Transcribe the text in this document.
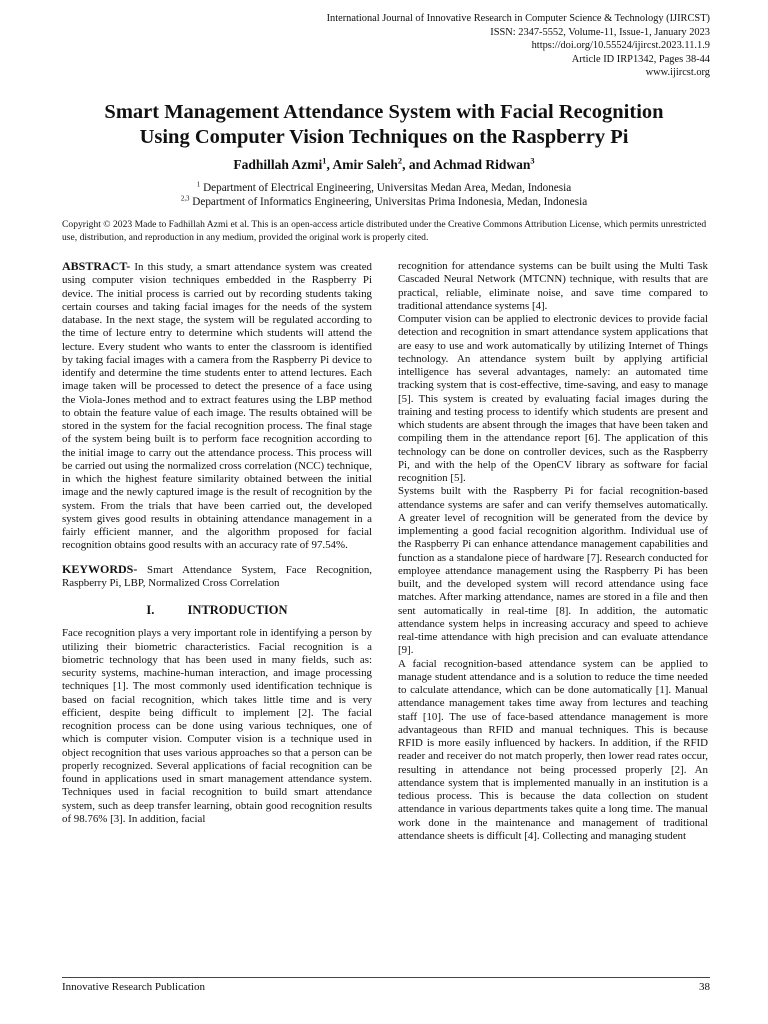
International Journal of Innovative Research in Computer Science & Technology (IJIRCST)
ISSN: 2347-5552, Volume-11, Issue-1, January 2023
https://doi.org/10.55524/ijircst.2023.11.1.9
Article ID IRP1342, Pages 38-44
www.ijircst.org
Smart Management Attendance System with Facial Recognition
Using Computer Vision Techniques on the Raspberry Pi
Fadhillah Azmi$^1$, Amir Saleh$^2$, and Achmad Ridwan$^3$
$^1$ Department of Electrical Engineering, Universitas Medan Area, Medan, Indonesia
$^{2,3}$ Department of Informatics Engineering, Universitas Prima Indonesia, Medan, Indonesia
Copyright © 2023 Made to Fadhillah Azmi et al. This is an open-access article distributed under the Creative Commons Attribution License, which permits unrestricted use, distribution, and reproduction in any medium, provided the original work is properly cited.

ABSTRACT- In this study, a smart attendance system was created using computer vision techniques embedded in the Raspberry Pi device. The initial process is carried out by recording students taking certain courses and taking facial images for the needs of the system database. In the next stage, the system will be regulated according to the time of lecture entry to determine which students will attend the lecture. Every student who wants to enter the classroom is identified by taking facial images with a camera from the Raspberry Pi device to identify and determine the time students enter to attend lectures. Each image taken will be processed to detect the presence of a face using the Viola-Jones method and to extract features using the LBP method to obtain the feature value of each image. The results obtained will be stored in the system for the facial recognition process. The final stage of the system being built is to perform face recognition according to the initial image to carry out the attendance process. This process will be carried out using the normalized cross correlation (NCC) technique, in which the highest feature similarity obtained between the initial image and the newly captured image is the result of recognition by the system. From the trials that have been carried out, the developed system gives good results in obtaining attendance management in a fairly efficient manner, and the algorithm proposed for facial recognition obtains good results with an accuracy rate of 97.54%.

KEYWORDS- Smart Attendance System, Face Recognition, Raspberry Pi, LBP, Normalized Cross Correlation

I.	INTRODUCTION

Face recognition plays a very important role in identifying a person by utilizing their biometric characteristics. Facial recognition is a biometric technology that has been used in many fields, such as: security systems, machine-human interaction, and image processing techniques [1]. The most commonly used identification technique is based on facial recognition, which takes little time and is very efficient, despite being difficult to implement [2]. The facial recognition process can be done using various techniques, one of which is computer vision. Computer vision is a technique used in object recognition that uses various approaches so that a person can be properly recognized. Several applications of facial recognition can be found in applications used in smart management attendance system. Techniques used in facial recognition to build smart attendance system, such as deep transfer learning, obtain good recognition results of 98.76% [3]. In addition, facial

recognition for attendance systems can be built using the Multi Task Cascaded Neural Network (MTCNN) technique, with results that are practical, reliable, eliminate noise, and save time compared to traditional attendance systems [4].

Computer vision can be applied to electronic devices to provide facial detection and recognition in smart attendance system applications that are easy to use and work automatically by utilizing Internet of Things technology. An attendance system built by applying artificial intelligence has several advantages, namely: an automated time tracking system that is cost-effective, time-saving, and easy to manage [5]. This system is created by evaluating facial images during the training and testing process to identify which students are present and which students are absent through the images that have been taken and compiling them in the attendance report [6]. The application of this technology can be done on controller devices, such as the Raspberry Pi, and with the help of the OpenCV library as software for facial recognition [5].

Systems built with the Raspberry Pi for facial recognition-based attendance systems are safer and can verify themselves automatically. A greater level of recognition will be generated from the device by implementing a good facial recognition algorithm. Individual use of the Raspberry Pi can enhance attendance management capabilities and function as a standalone piece of hardware [7]. Research conducted for employee attendance management using the Raspberry Pi has been built, and the developed system will record attendance using face matches. After marking attendance, names are stored in a file and then sent automatically in real-time [8]. In addition, the automatic attendance system helps in increasing accuracy and speed to achieve real-time attendance with high precision and can evaluate attendance [9].

A facial recognition-based attendance system can be applied to manage student attendance and is a solution to reduce the time needed to calculate attendance, which can be done automatically [1]. Manual attendance management takes time away from lectures and teaching staff [10]. The use of face-based attendance management is more advantageous than RFID and manual techniques. This is because RFID is more easily influenced by hackers. In addition, if the RFID reader and receiver do not match properly, then lower read rates occur, resulting in attendance not being processed properly [2]. An attendance system that is implemented manually in an institution is a tedious process. This is because the data collection on student attendance in various departments takes quite a long time. The manual work done in the maintenance and management of traditional attendance sheets is difficult [4]. Collecting and managing student

Innovative Research Publication	38
